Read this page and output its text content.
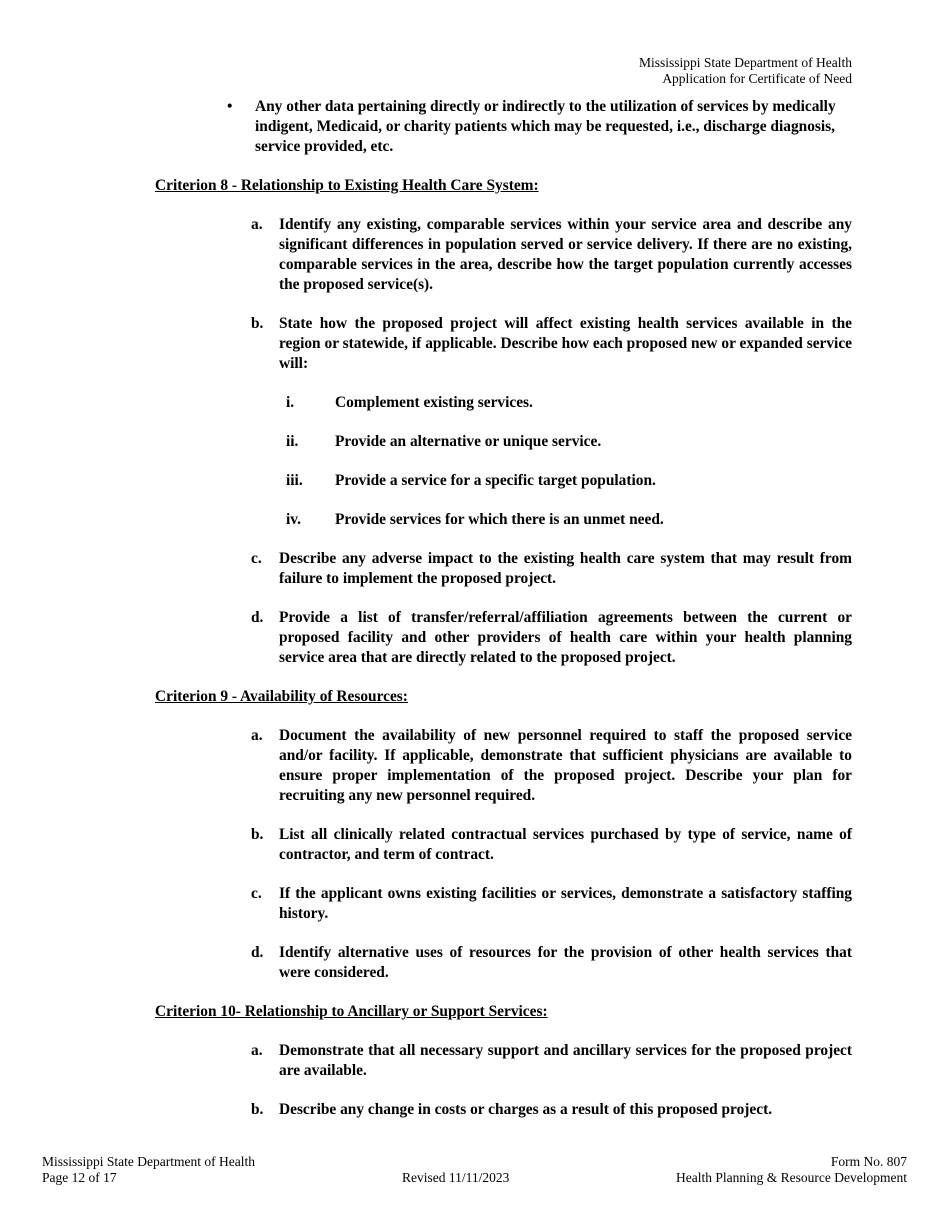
Mississippi State Department of Health
Application for Certificate of Need
• Any other data pertaining directly or indirectly to the utilization of services by medically indigent, Medicaid, or charity patients which may be requested, i.e., discharge diagnosis, service provided, etc.
Criterion 8 - Relationship to Existing Health Care System:
a. Identify any existing, comparable services within your service area and describe any significant differences in population served or service delivery. If there are no existing, comparable services in the area, describe how the target population currently accesses the proposed service(s).
b. State how the proposed project will affect existing health services available in the region or statewide, if applicable. Describe how each proposed new or expanded service will:
i.	Complement existing services.
ii. Provide an alternative or unique service.
iii. Provide a service for a specific target population.
iv. Provide services for which there is an unmet need.
c. Describe any adverse impact to the existing health care system that may result from failure to implement the proposed project.
d. Provide a list of transfer/referral/affiliation agreements between the current or proposed facility and other providers of health care within your health planning service area that are directly related to the proposed project.
Criterion 9 - Availability of Resources:
a. Document the availability of new personnel required to staff the proposed service and/or facility. If applicable, demonstrate that sufficient physicians are available to ensure proper implementation of the proposed project. Describe your plan for recruiting any new personnel required.
b. List all clinically related contractual services purchased by type of service, name of contractor, and term of contract.
c. If the applicant owns existing facilities or services, demonstrate a satisfactory staffing history.
d. Identify alternative uses of resources for the provision of other health services that were considered.
Criterion 10- Relationship to Ancillary or Support Services:
a. Demonstrate that all necessary support and ancillary services for the proposed project are available.
b. Describe any change in costs or charges as a result of this proposed project.
Mississippi State Department of Health
Page 12 of 17	Revised 11/11/2023
Form No. 807
Health Planning & Resource Development
